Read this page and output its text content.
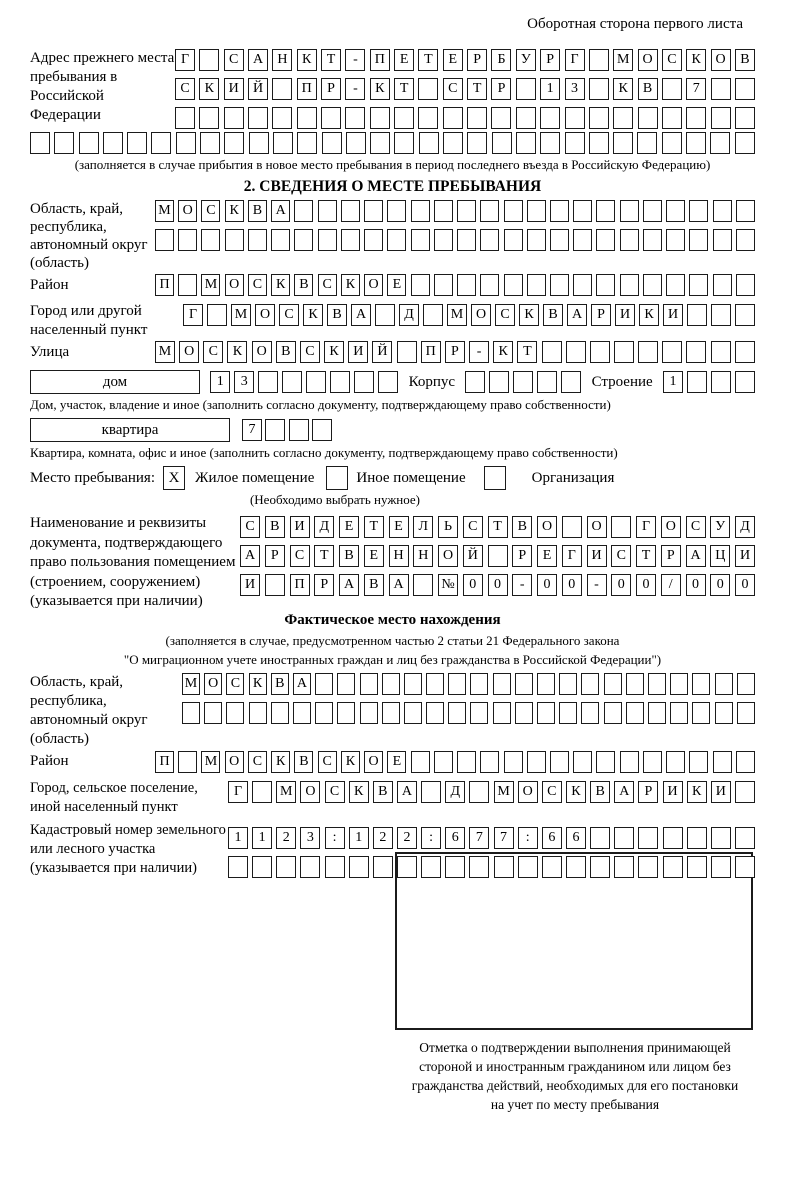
Оборотная сторона первого листа
Адрес прежнего места пребывания в Российской Федерации
Г	С	А	Н	К	Т	-	П	Е	Т	Е	Р	Б	У	Р	Г	М О	С	К	О	В
С	К	И	Й	П	Р	-	К	Т	С	Т	Р	1	3	К	В	7
(заполняется в случае прибытия в новое место пребывания в период последнего въезда в Российскую Федерацию)
2. СВЕДЕНИЯ О МЕСТЕ ПРЕБЫВАНИЯ
Область, край, республика, автономный округ (область)
М О С К В А
Район	П	М О С К В С К О Е
Город или другой населенный пункт
Г	М О	С	К	В	А	Д	М О	С	К	В	А	Р	И	К	И
Улица	М О	С	К	О	В	С	К	И	Й	П	Р	-	К	Т
дом	1	3	Корпус	Строение	1
Дом, участок, владение и иное (заполнить согласно документу, подтверждающему право собственности)
квартира	7
Квартира, комната, офис и иное (заполнить согласно документу, подтверждающему право собственности)
Место пребывания: X	Жилое помещение	Иное помещение	Организация
(Необходимо выбрать нужное)
Наименование и реквизиты документа, подтверждающего право пользования помещением (строением, сооружением) (указывается при наличии)
С	В	И	Д	Е	Т	Е	Л	Ь	С	Т	В	О	О	Г	О	С	У	Д
А	Р	С	Т	В	Е	Н	Н	О	Й	Р	Е	Г	И	С	Т	Р	А	Ц	И
И	П	Р	А	В	А	№	0	0	-	0	0	-	0	0	/	0	0	0
Фактическое место нахождения
(заполняется в случае, предусмотренном частью 2 статьи 21 Федерального закона
"О миграционном учете иностранных граждан и лиц без гражданства в Российской Федерации")
Область, край, республика, автономный округ (область)
М О С К В А
Район	П	М О С К В С К О Е
Город, сельское поселение, иной населенный пункт
Г	М О	С	К	В	А	Д	М О	С	К	В	А	Р	И	К	И
Кадастровый номер земельного или лесного участка (указывается при наличии)
1	1	2	3	:	1	2	2	:	6	7	7	:	6	6
Отметка о подтверждении выполнения принимающей
стороной и иностранным гражданином или лицом без
гражданства действий, необходимых для его постановки
на учет по месту пребывания
